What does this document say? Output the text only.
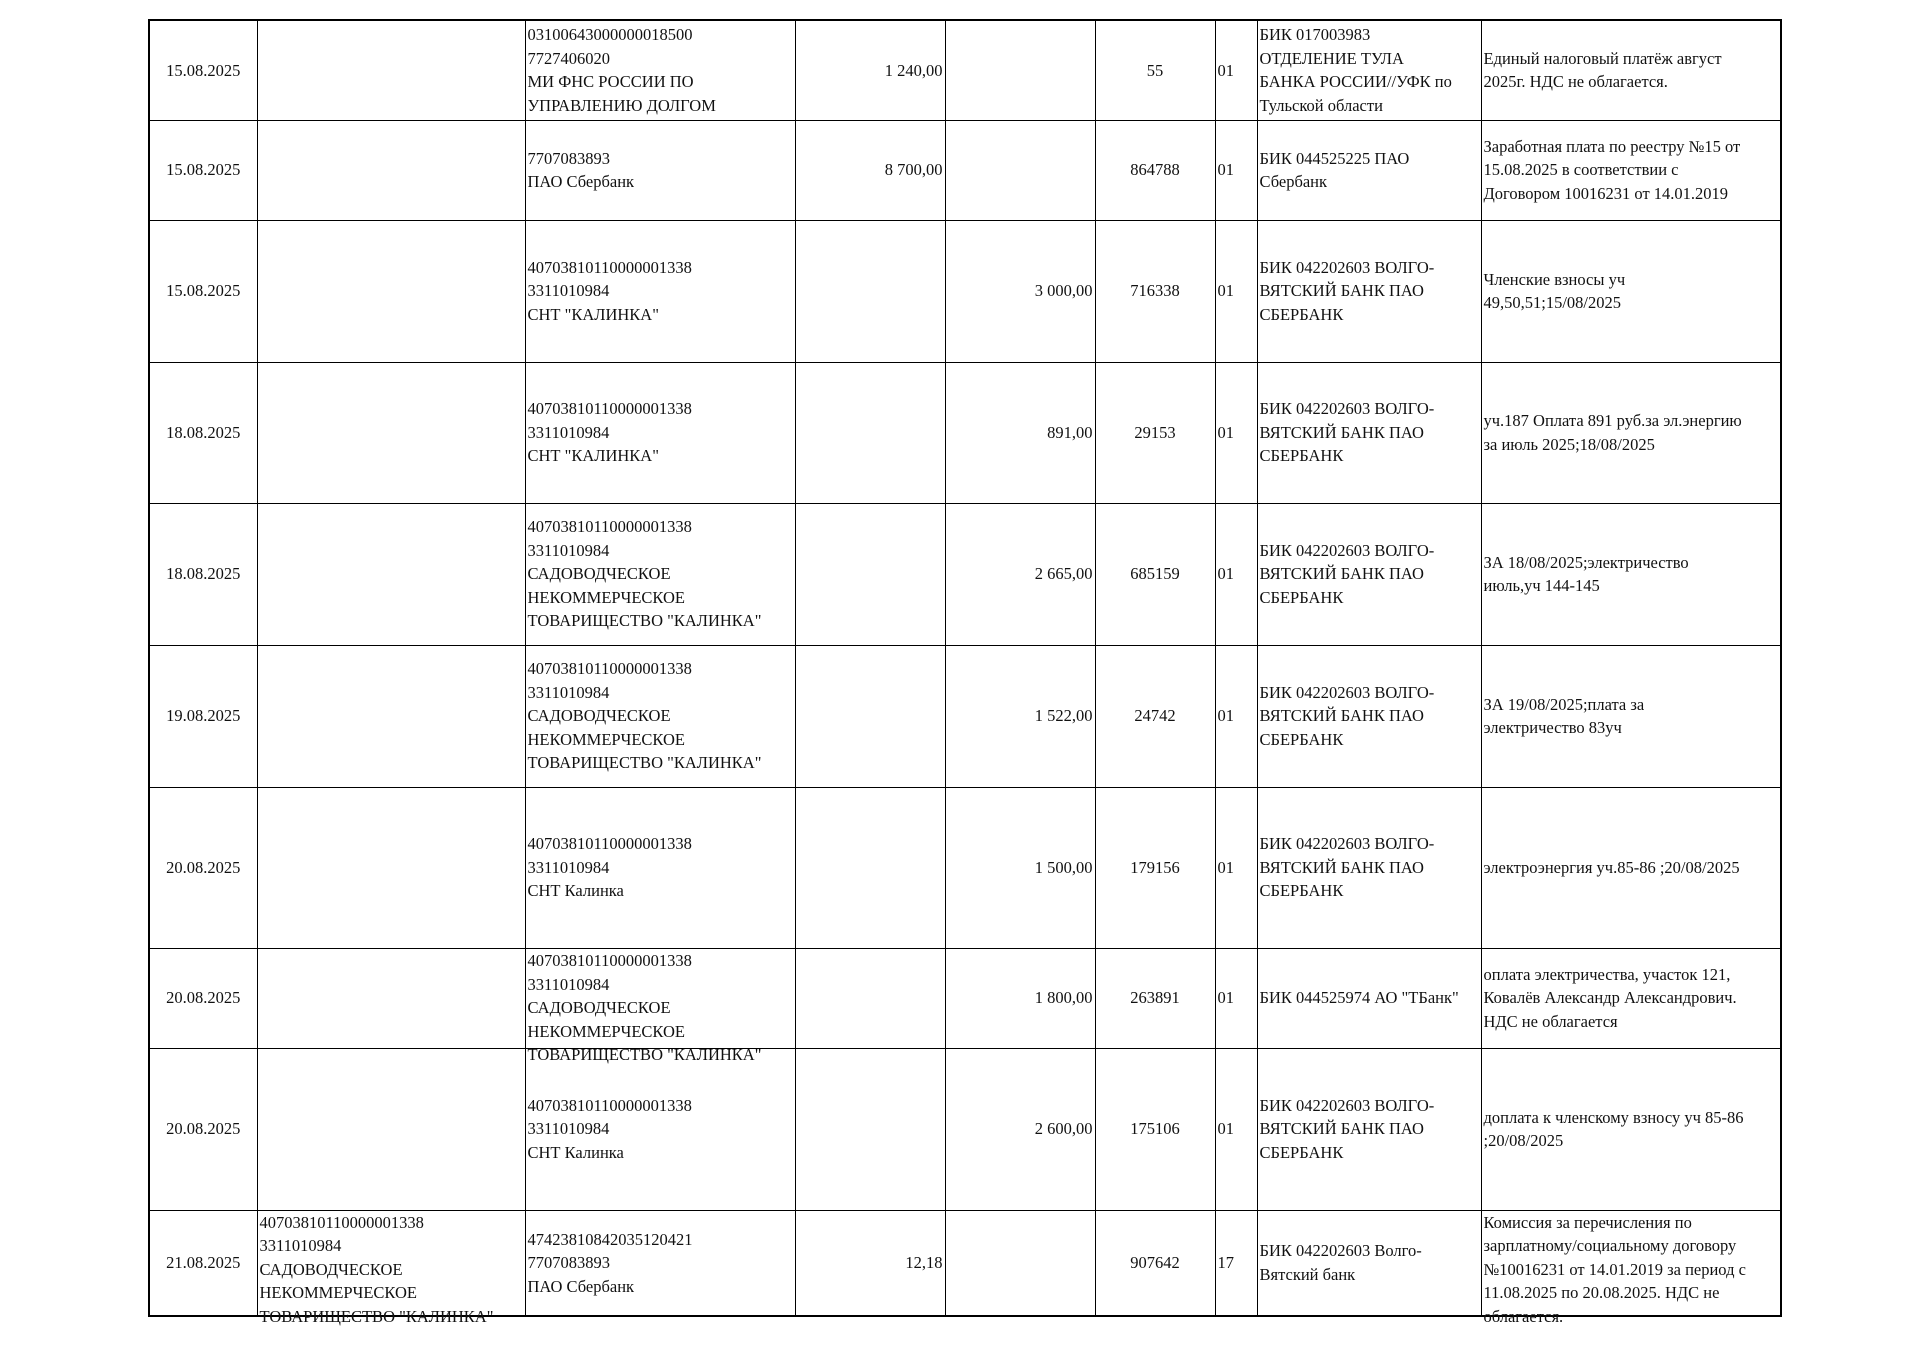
15.08.2025		03100643000000018500
7727406020
МИ ФНС РОССИИ ПО
УПРАВЛЕНИЮ ДОЛГОМ	1 240,00		55	01	БИК 017003983
ОТДЕЛЕНИЕ ТУЛА
БАНКА РОССИИ//УФК по
Тульской области	Единый налоговый платёж август
2025г. НДС не облагается.
15.08.2025		7707083893
ПАО Сбербанк	8 700,00		864788	01	БИК 044525225 ПАО
Сбербанк	Заработная плата по реестру №15 от
15.08.2025 в соответствии с
Договором 10016231 от 14.01.2019
15.08.2025		40703810110000001338
3311010984
СНТ "КАЛИНКА"		3 000,00	716338	01	БИК 042202603 ВОЛГО-
ВЯТСКИЙ БАНК ПАО
СБЕРБАНК	Членские взносы уч
49,50,51;15/08/2025
18.08.2025		40703810110000001338
3311010984
СНТ "КАЛИНКА"		891,00	29153	01	БИК 042202603 ВОЛГО-
ВЯТСКИЙ БАНК ПАО
СБЕРБАНК	уч.187 Оплата 891 руб.за эл.энергию
за июль 2025;18/08/2025
18.08.2025		40703810110000001338
3311010984
САДОВОДЧЕСКОЕ
НЕКОММЕРЧЕСКОЕ
ТОВАРИЩЕСТВО "КАЛИНКА"		2 665,00	685159	01	БИК 042202603 ВОЛГО-
ВЯТСКИЙ БАНК ПАО
СБЕРБАНК	ЗА 18/08/2025;электричество
июль,уч 144-145
19.08.2025		40703810110000001338
3311010984
САДОВОДЧЕСКОЕ
НЕКОММЕРЧЕСКОЕ
ТОВАРИЩЕСТВО "КАЛИНКА"		1 522,00	24742	01	БИК 042202603 ВОЛГО-
ВЯТСКИЙ БАНК ПАО
СБЕРБАНК	ЗА 19/08/2025;плата за
электричество 83уч
20.08.2025		40703810110000001338
3311010984
СНТ Калинка		1 500,00	179156	01	БИК 042202603 ВОЛГО-
ВЯТСКИЙ БАНК ПАО
СБЕРБАНК	электроэнергия уч.85-86 ;20/08/2025
20.08.2025		40703810110000001338
3311010984
САДОВОДЧЕСКОЕ
НЕКОММЕРЧЕСКОЕ
ТОВАРИЩЕСТВО "КАЛИНКА"		1 800,00	263891	01	БИК 044525974 АО "ТБанк"	оплата электричества, участок 121,
Ковалёв Александр Александрович.
НДС не облагается
20.08.2025		40703810110000001338
3311010984
СНТ Калинка		2 600,00	175106	01	БИК 042202603 ВОЛГО-
ВЯТСКИЙ БАНК ПАО
СБЕРБАНК	доплата к членскому взносу уч 85-86
;20/08/2025
21.08.2025	40703810110000001338
3311010984
САДОВОДЧЕСКОЕ
НЕКОММЕРЧЕСКОЕ
ТОВАРИЩЕСТВО "КАЛИНКА"	47423810842035120421
7707083893
ПАО Сбербанк	12,18		907642	17	БИК 042202603 Волго-
Вятский банк	Комиссия за перечисления по
зарплатному/социальному договору
№10016231 от 14.01.2019 за период с
11.08.2025 по 20.08.2025. НДС не
облагается.
